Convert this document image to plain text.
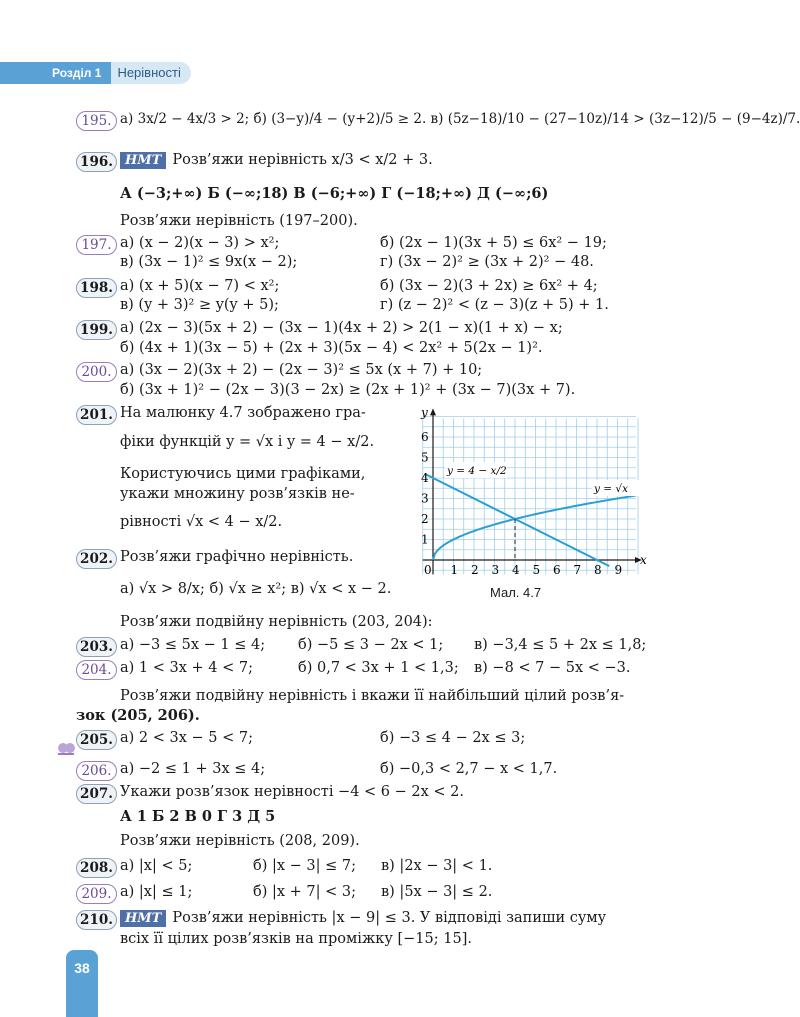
Розділ 1	Нерівності
195. а) 3x/2 − 4x/3 > 2; б) (3−y)/4 − (y+2)/5 ≥ 2. в) (5z−18)/10 − (27−10z)/14 > (3z−12)/5 − (9−4z)/7.
196. НМТ Розв’яжи нерівність x/3 < x/2 + 3.
А (−3;+∞) Б (−∞;18) В (−6;+∞) Г (−18;+∞) Д (−∞;6)
Розв’яжи нерівність (197–200).
197. а) (x − 2)(x − 3) > x²;	б) (2x − 1)(3x + 5) ≤ 6x² − 19;
в) (3x − 1)² ≤ 9x(x − 2);	г) (3x − 2)² ≥ (3x + 2)² − 48.
198. а) (x + 5)(x − 7) < x²;	б) (3x − 2)(3 + 2x) ≥ 6x² + 4;
в) (y + 3)² ≥ y(y + 5);	г) (z − 2)² < (z − 3)(z + 5) + 1.
199. а) (2x − 3)(5x + 2) − (3x − 1)(4x + 2) > 2(1 − x)(1 + x) − x;
б) (4x + 1)(3x − 5) + (2x + 3)(5x − 4) < 2x² + 5(2x − 1)².
200. а) (3x − 2)(3x + 2) − (2x − 3)² ≤ 5x (x + 7) + 10;
б) (3x + 1)² − (2x − 3)(3 − 2x) ≥ (2x + 1)² + (3x − 7)(3x + 7).
201. На малюнку 4.7 зображено гра-
фіки функцій y = √x і y = 4 − x/2.
Користуючись цими графіками,
укажи множину розв’язків не-
рівності √x < 4 − x/2.
y
x
0 1 2 3 4 5 6 7 8 9
1
2
3
4
5
6
y = 4 − x/2
y = √x
Мал. 4.7
202. Розв’яжи графічно нерівність.
а) √x > 8/x; б) √x ≥ x²; в) √x < x − 2.
Розв’яжи подвійну нерівність (203, 204):
203. а) −3 ≤ 5x − 1 ≤ 4;	б) −5 ≤ 3 − 2x < 1; в) −3,4 ≤ 5 + 2x ≤ 1,8;
204. а) 1 < 3x + 4 < 7;	б) 0,7 < 3x + 1 < 1,3; в) −8 < 7 − 5x < −3.
Розв’яжи подвійну нерівність і вкажи її найбільший цілий розв’я-
зок (205, 206).
205. а) 2 < 3x − 5 < 7;	б) −3 ≤ 4 − 2x ≤ 3;
206. а) −2 ≤ 1 + 3x ≤ 4;	б) −0,3 < 2,7 − x < 1,7.
207. Укажи розв’язок нерівності −4 < 6 − 2x < 2.
А 1 Б 2 В 0 Г 3 Д 5
Розв’яжи нерівність (208, 209).
208. а) |x| < 5;	б) |x − 3| ≤ 7; в) |2x − 3| < 1.
209. а) |x| ≤ 1;	б) |x + 7| < 3; в) |5x − 3| ≤ 2.
210. НМТ Розв’яжи нерівність |x − 9| ≤ 3. У відповіді запиши суму
всіх її цілих розв’язків на проміжку [−15; 15].
38
